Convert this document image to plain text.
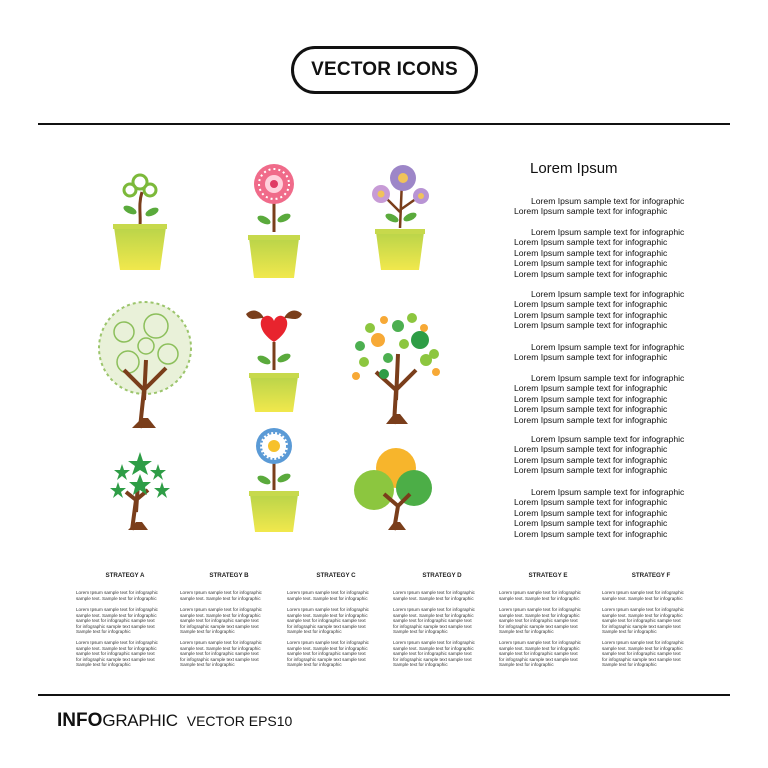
VECTOR ICONS
Lorem Ipsum
Lorem Ipsum sample text for infographic
Lorem Ipsum sample text for infographic
Lorem Ipsum sample text for infographic
Lorem Ipsum sample text for infographic
Lorem Ipsum sample text for infographic
Lorem Ipsum sample text for infographic
Lorem Ipsum sample text for infographic
Lorem Ipsum sample text for infographic
Lorem Ipsum sample text for infographic
Lorem Ipsum sample text for infographic
Lorem Ipsum sample text for infographic
Lorem Ipsum sample text for infographic
Lorem Ipsum sample text for infographic
Lorem Ipsum sample text for infographic
Lorem Ipsum sample text for infographic
Lorem Ipsum sample text for infographic
Lorem Ipsum sample text for infographic
Lorem Ipsum sample text for infographic
Lorem Ipsum sample text for infographic
Lorem Ipsum sample text for infographic
Lorem Ipsum sample text for infographic
Lorem Ipsum sample text for infographic
Lorem Ipsum sample text for infographic
Lorem Ipsum sample text for infographic
Lorem Ipsum sample text for infographic
Lorem Ipsum sample text for infographic
Lorem Ipsum sample text for infographic
STRATEGY A
Lorem Ipsum sample text for infographic
sample text. Sample text for infographic
Lorem Ipsum sample text for infographic
sample text. Sample text for infographic
sample text for infographic sample text
for infographic sample text sample text
Sample text for infographic
Lorem Ipsum sample text for infographic
sample text. Sample text for infographic
sample text for infographic sample text
for infographic sample text sample text
Sample text for infographic
STRATEGY B
Lorem Ipsum sample text for infographic
sample text. Sample text for infographic
Lorem Ipsum sample text for infographic
sample text. Sample text for infographic
sample text for infographic sample text
for infographic sample text sample text
Sample text for infographic
Lorem Ipsum sample text for infographic
sample text. Sample text for infographic
sample text for infographic sample text
for infographic sample text sample text
Sample text for infographic
STRATEGY C
Lorem Ipsum sample text for infographic
sample text. Sample text for infographic
Lorem Ipsum sample text for infographic
sample text. Sample text for infographic
sample text for infographic sample text
for infographic sample text sample text
Sample text for infographic
Lorem Ipsum sample text for infographic
sample text. Sample text for infographic
sample text for infographic sample text
for infographic sample text sample text
Sample text for infographic
STRATEGY D
Lorem Ipsum sample text for infographic
sample text. Sample text for infographic
Lorem Ipsum sample text for infographic
sample text. Sample text for infographic
sample text for infographic sample text
for infographic sample text sample text
Sample text for infographic
Lorem Ipsum sample text for infographic
sample text. Sample text for infographic
sample text for infographic sample text
for infographic sample text sample text
Sample text for infographic
STRATEGY E
Lorem Ipsum sample text for infographic
sample text. Sample text for infographic
Lorem Ipsum sample text for infographic
sample text. Sample text for infographic
sample text for infographic sample text
for infographic sample text sample text
Sample text for infographic
Lorem Ipsum sample text for infographic
sample text. Sample text for infographic
sample text for infographic sample text
for infographic sample text sample text
Sample text for infographic
STRATEGY F
Lorem Ipsum sample text for infographic
sample text. Sample text for infographic
Lorem Ipsum sample text for infographic
sample text. Sample text for infographic
sample text for infographic sample text
for infographic sample text sample text
Sample text for infographic
Lorem Ipsum sample text for infographic
sample text. Sample text for infographic
sample text for infographic sample text
for infographic sample text sample text
Sample text for infographic
INFO GRAPHIC VECTOR EPS10
